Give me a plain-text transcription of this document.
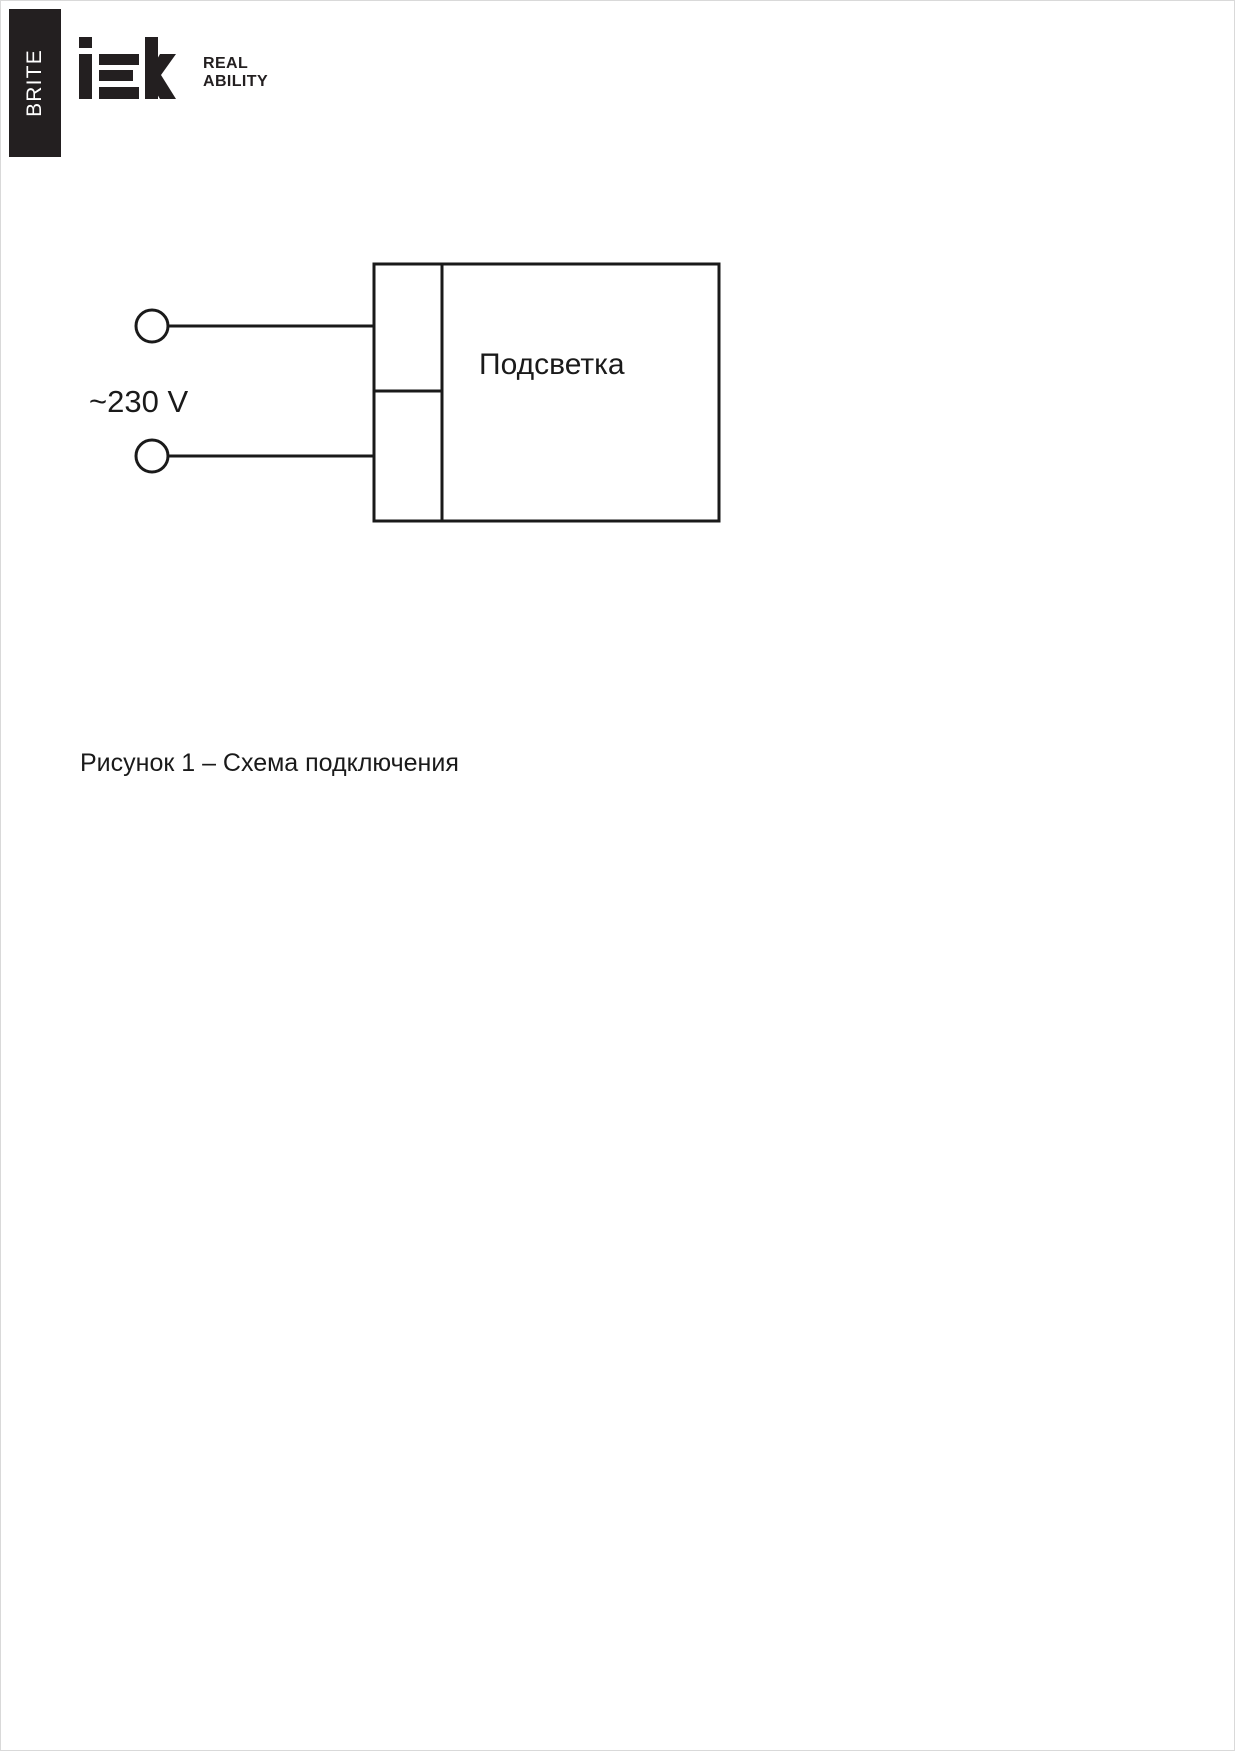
BRITE	REAL
ABILITY
~230 V
Подсветка
Рисунок 1 – Схема подключения
